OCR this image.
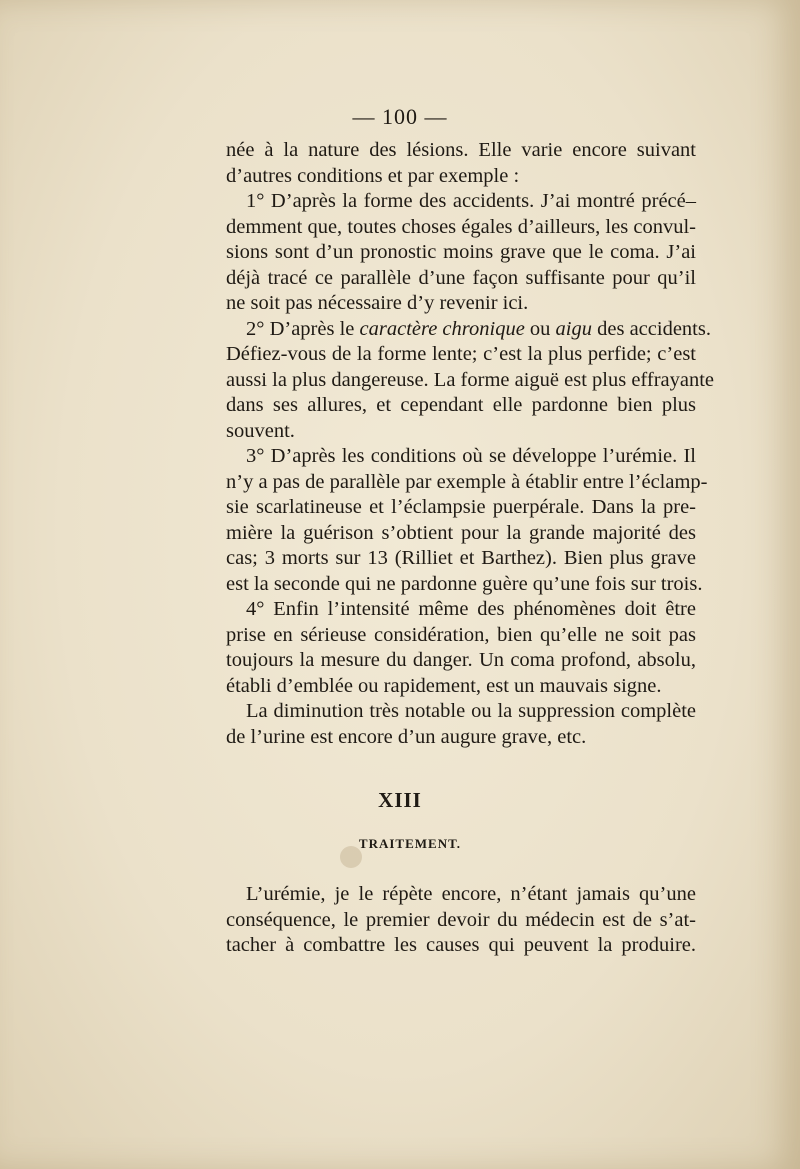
— 100 —
née à la nature des lésions. Elle varie encore suivant
d’autres conditions et par exemple :
1° D’après la forme des accidents. J’ai montré précé–
demment que, toutes choses égales d’ailleurs, les convul-
sions sont d’un pronostic moins grave que le coma. J’ai
déjà tracé ce parallèle d’une façon suffisante pour qu’il
ne soit pas nécessaire d’y revenir ici.
2° D’après le caractère chronique ou aigu des accidents.
Défiez-vous de la forme lente; c’est la plus perfide; c’est
aussi la plus dangereuse. La forme aiguë est plus effrayante
dans ses allures, et cependant elle pardonne bien plus
souvent.
3° D’après les conditions où se développe l’urémie. Il
n’y a pas de parallèle par exemple à établir entre l’éclamp-
sie scarlatineuse et l’éclampsie puerpérale. Dans la pre-
mière la guérison s’obtient pour la grande majorité des
cas; 3 morts sur 13 (Rilliet et Barthez). Bien plus grave
est la seconde qui ne pardonne guère qu’une fois sur trois.
4° Enfin l’intensité même des phénomènes doit être
prise en sérieuse considération, bien qu’elle ne soit pas
toujours la mesure du danger. Un coma profond, absolu,
établi d’emblée ou rapidement, est un mauvais signe.
La diminution très notable ou la suppression complète
de l’urine est encore d’un augure grave, etc.
XIII
TRAITEMENT.
L’urémie, je le répète encore, n’étant jamais qu’une
conséquence, le premier devoir du médecin est de s’at-
tacher à combattre les causes qui peuvent la produire.
